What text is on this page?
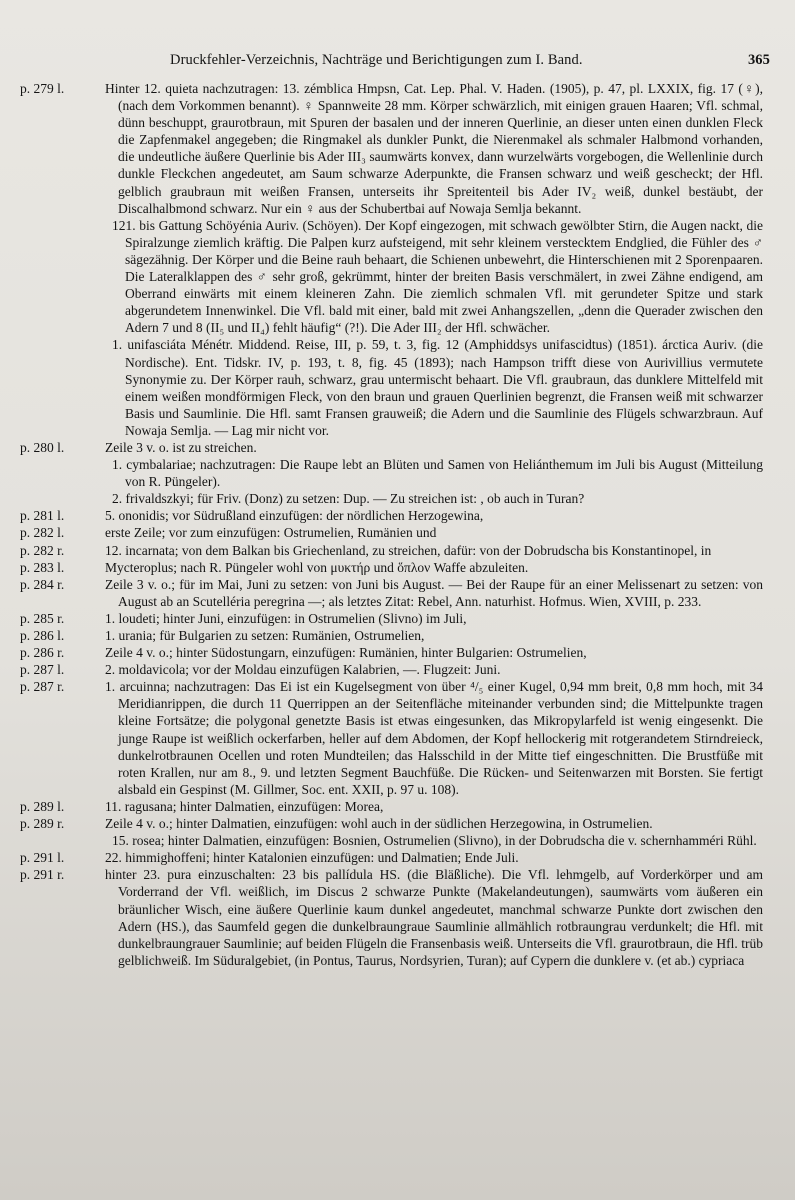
Druckfehler-Verzeichnis, Nachträge und Berichtigungen zum I. Band.	365
p. 279 l.	Hinter 12. quieta nachzutragen: 13. zémblica Hmpsn, Cat. Lep. Phal. V. Haden. (1905), p. 47, pl. LXXIX, fig. 17 (♀), (nach dem Vorkommen benannt). ♀ Spannweite 28 mm. Körper schwärzlich, mit einigen grauen Haaren; Vfl. schmal, dünn beschuppt, graurotbraun, mit Spuren der basalen und der inneren Querlinie, an dieser unten einen dunklen Fleck die Zapfenmakel angegeben; die Ringmakel als dunkler Punkt, die Nierenmakel als schmaler Halbmond vorhanden, die undeutliche äußere Querlinie bis Ader III₃ saumwärts konvex, dann wurzelwärts vorgebogen, die Wellenlinie durch dunkle Fleckchen angedeutet, am Saum schwarze Aderpunkte, die Fransen schwarz und weiß gescheckt; der Hfl. gelblich graubraun mit weißen Fransen, unterseits ihr Spreitenteil bis Ader IV₂ weiß, dunkel bestäubt, der Discalhalbmond schwarz. Nur ein ♀ aus der Schubertbai auf Nowaja Semlja bekannt.
121. bis Gattung Schöyénia Auriv. (Schöyen). Der Kopf eingezogen, mit schwach gewölbter Stirn, die Augen nackt, die Spiralzunge ziemlich kräftig. Die Palpen kurz aufsteigend, mit sehr kleinem verstecktem Endglied, die Fühler des ♂ sägezähnig. Der Körper und die Beine rauh behaart, die Schienen unbewehrt, die Hinterschienen mit 2 Sporenpaaren. Die Lateralklappen des ♂ sehr groß, gekrümmt, hinter der breiten Basis verschmälert, in zwei Zähne endigend, am Oberrand einwärts mit einem kleineren Zahn. Die ziemlich schmalen Vfl. mit gerundeter Spitze und stark abgerundetem Innenwinkel. Die Vfl. bald mit einer, bald mit zwei Anhangszellen, „denn die Querader zwischen den Adern 7 und 8 (II₅ und II₄) fehlt häufig“ (?!). Die Ader III₂ der Hfl. schwächer.
1. unifasciáta Ménétr. Middend. Reise, III, p. 59, t. 3, fig. 12 (Amphiddsys unifascidtus) (1851). árctica Auriv. (die Nordische). Ent. Tidskr. IV, p. 193, t. 8, fig. 45 (1893); nach Hampson trifft diese von Aurivillius vermutete Synonymie zu. Der Körper rauh, schwarz, grau untermischt behaart. Die Vfl. graubraun, das dunklere Mittelfeld mit einem weißen mondförmigen Fleck, von den braun und grauen Querlinien begrenzt, die Fransen weiß mit schwarzer Basis und Saumlinie. Die Hfl. samt Fransen grauweiß; die Adern und die Saumlinie des Flügels schwarzbraun. Auf Nowaja Semlja. — Lag mir nicht vor.
p. 280 l.	Zeile 3 v. o. ist zu streichen.
1. cymbalariae; nachzutragen: Die Raupe lebt an Blüten und Samen von Heliánthemum im Juli bis August (Mitteilung von R. Püngeler).
2. frivaldszkyi; für Friv. (Donz) zu setzen: Dup. — Zu streichen ist: , ob auch in Turan?
p. 281 l.	5. ononidis; vor Südrußland einzufügen: der nördlichen Herzogewina,
p. 282 l.	erste Zeile; vor zum einzufügen: Ostrumelien, Rumänien und
p. 282 r.	12. incarnata; von dem Balkan bis Griechenland, zu streichen, dafür: von der Dobrudscha bis Konstantinopel, in
p. 283 l.	Mycteroplus; nach R. Püngeler wohl von μυκτήρ und ὅπλον Waffe abzuleiten.
p. 284 r.	Zeile 3 v. o.; für im Mai, Juni zu setzen: von Juni bis August. — Bei der Raupe für an einer Melissenart zu setzen: von August ab an Scutelléria peregrina —; als letztes Zitat: Rebel, Ann. naturhist. Hofmus. Wien, XVIII, p. 233.
p. 285 r.	1. loudeti; hinter Juni, einzufügen: in Ostrumelien (Slivno) im Juli,
p. 286 l.	1. urania; für Bulgarien zu setzen: Rumänien, Ostrumelien,
p. 286 r.	Zeile 4 v. o.; hinter Südostungarn, einzufügen: Rumänien, hinter Bulgarien: Ostrumelien,
p. 287 l.	2. moldavicola; vor der Moldau einzufügen Kalabrien, —. Flugzeit: Juni.
p. 287 r.	1. arcuinna; nachzutragen: Das Ei ist ein Kugelsegment von über ⁴/₅ einer Kugel, 0,94 mm breit, 0,8 mm hoch, mit 34 Meridianrippen, die durch 11 Querrippen an der Seitenfläche miteinander verbunden sind; die Mittelpunkte tragen kleine Fortsätze; die polygonal genetzte Basis ist etwas eingesunken, das Mikropylarfeld ist wenig eingesenkt. Die junge Raupe ist weißlich ockerfarben, heller auf dem Abdomen, der Kopf hellockerig mit rotgerandetem Stirndreieck, dunkelrotbraunen Ocellen und roten Mundteilen; das Halsschild in der Mitte tief eingeschnitten. Die Brustfüße mit roten Krallen, nur am 8., 9. und letzten Segment Bauchfüße. Die Rücken- und Seitenwarzen mit Borsten. Sie fertigt alsbald ein Gespinst (M. Gillmer, Soc. ent. XXII, p. 97 u. 108).
p. 289 l.	11. ragusana; hinter Dalmatien, einzufügen: Morea,
p. 289 r.	Zeile 4 v. o.; hinter Dalmatien, einzufügen: wohl auch in der südlichen Herzegowina, in Ostrumelien.
15. rosea; hinter Dalmatien, einzufügen: Bosnien, Ostrumelien (Slivno), in der Dobrudscha die v. schernhamméri Rühl.
p. 291 l.	22. himmighoffeni; hinter Katalonien einzufügen: und Dalmatien; Ende Juli.
p. 291 r.	hinter 23. pura einzuschalten: 23 bis pallídula HS. (die Bläßliche). Die Vfl. lehmgelb, auf Vorderkörper und am Vorderrand der Vfl. weißlich, im Discus 2 schwarze Punkte (Makelandeutungen), saumwärts vom äußeren ein bräunlicher Wisch, eine äußere Querlinie kaum dunkel angedeutet, manchmal schwarze Punkte dort zwischen den Adern (HS.), das Saumfeld gegen die dunkelbraungraue Saumlinie allmählich rotbraungrau verdunkelt; die Hfl. mit dunkelbraungrauer Saumlinie; auf beiden Flügeln die Fransenbasis weiß. Unterseits die Vfl. graurotbraun, die Hfl. trüb gelblichweiß. Im Süduralgebiet, (in Pontus, Taurus, Nordsyrien, Turan); auf Cypern die dunklere v. (et ab.) cypriaca
